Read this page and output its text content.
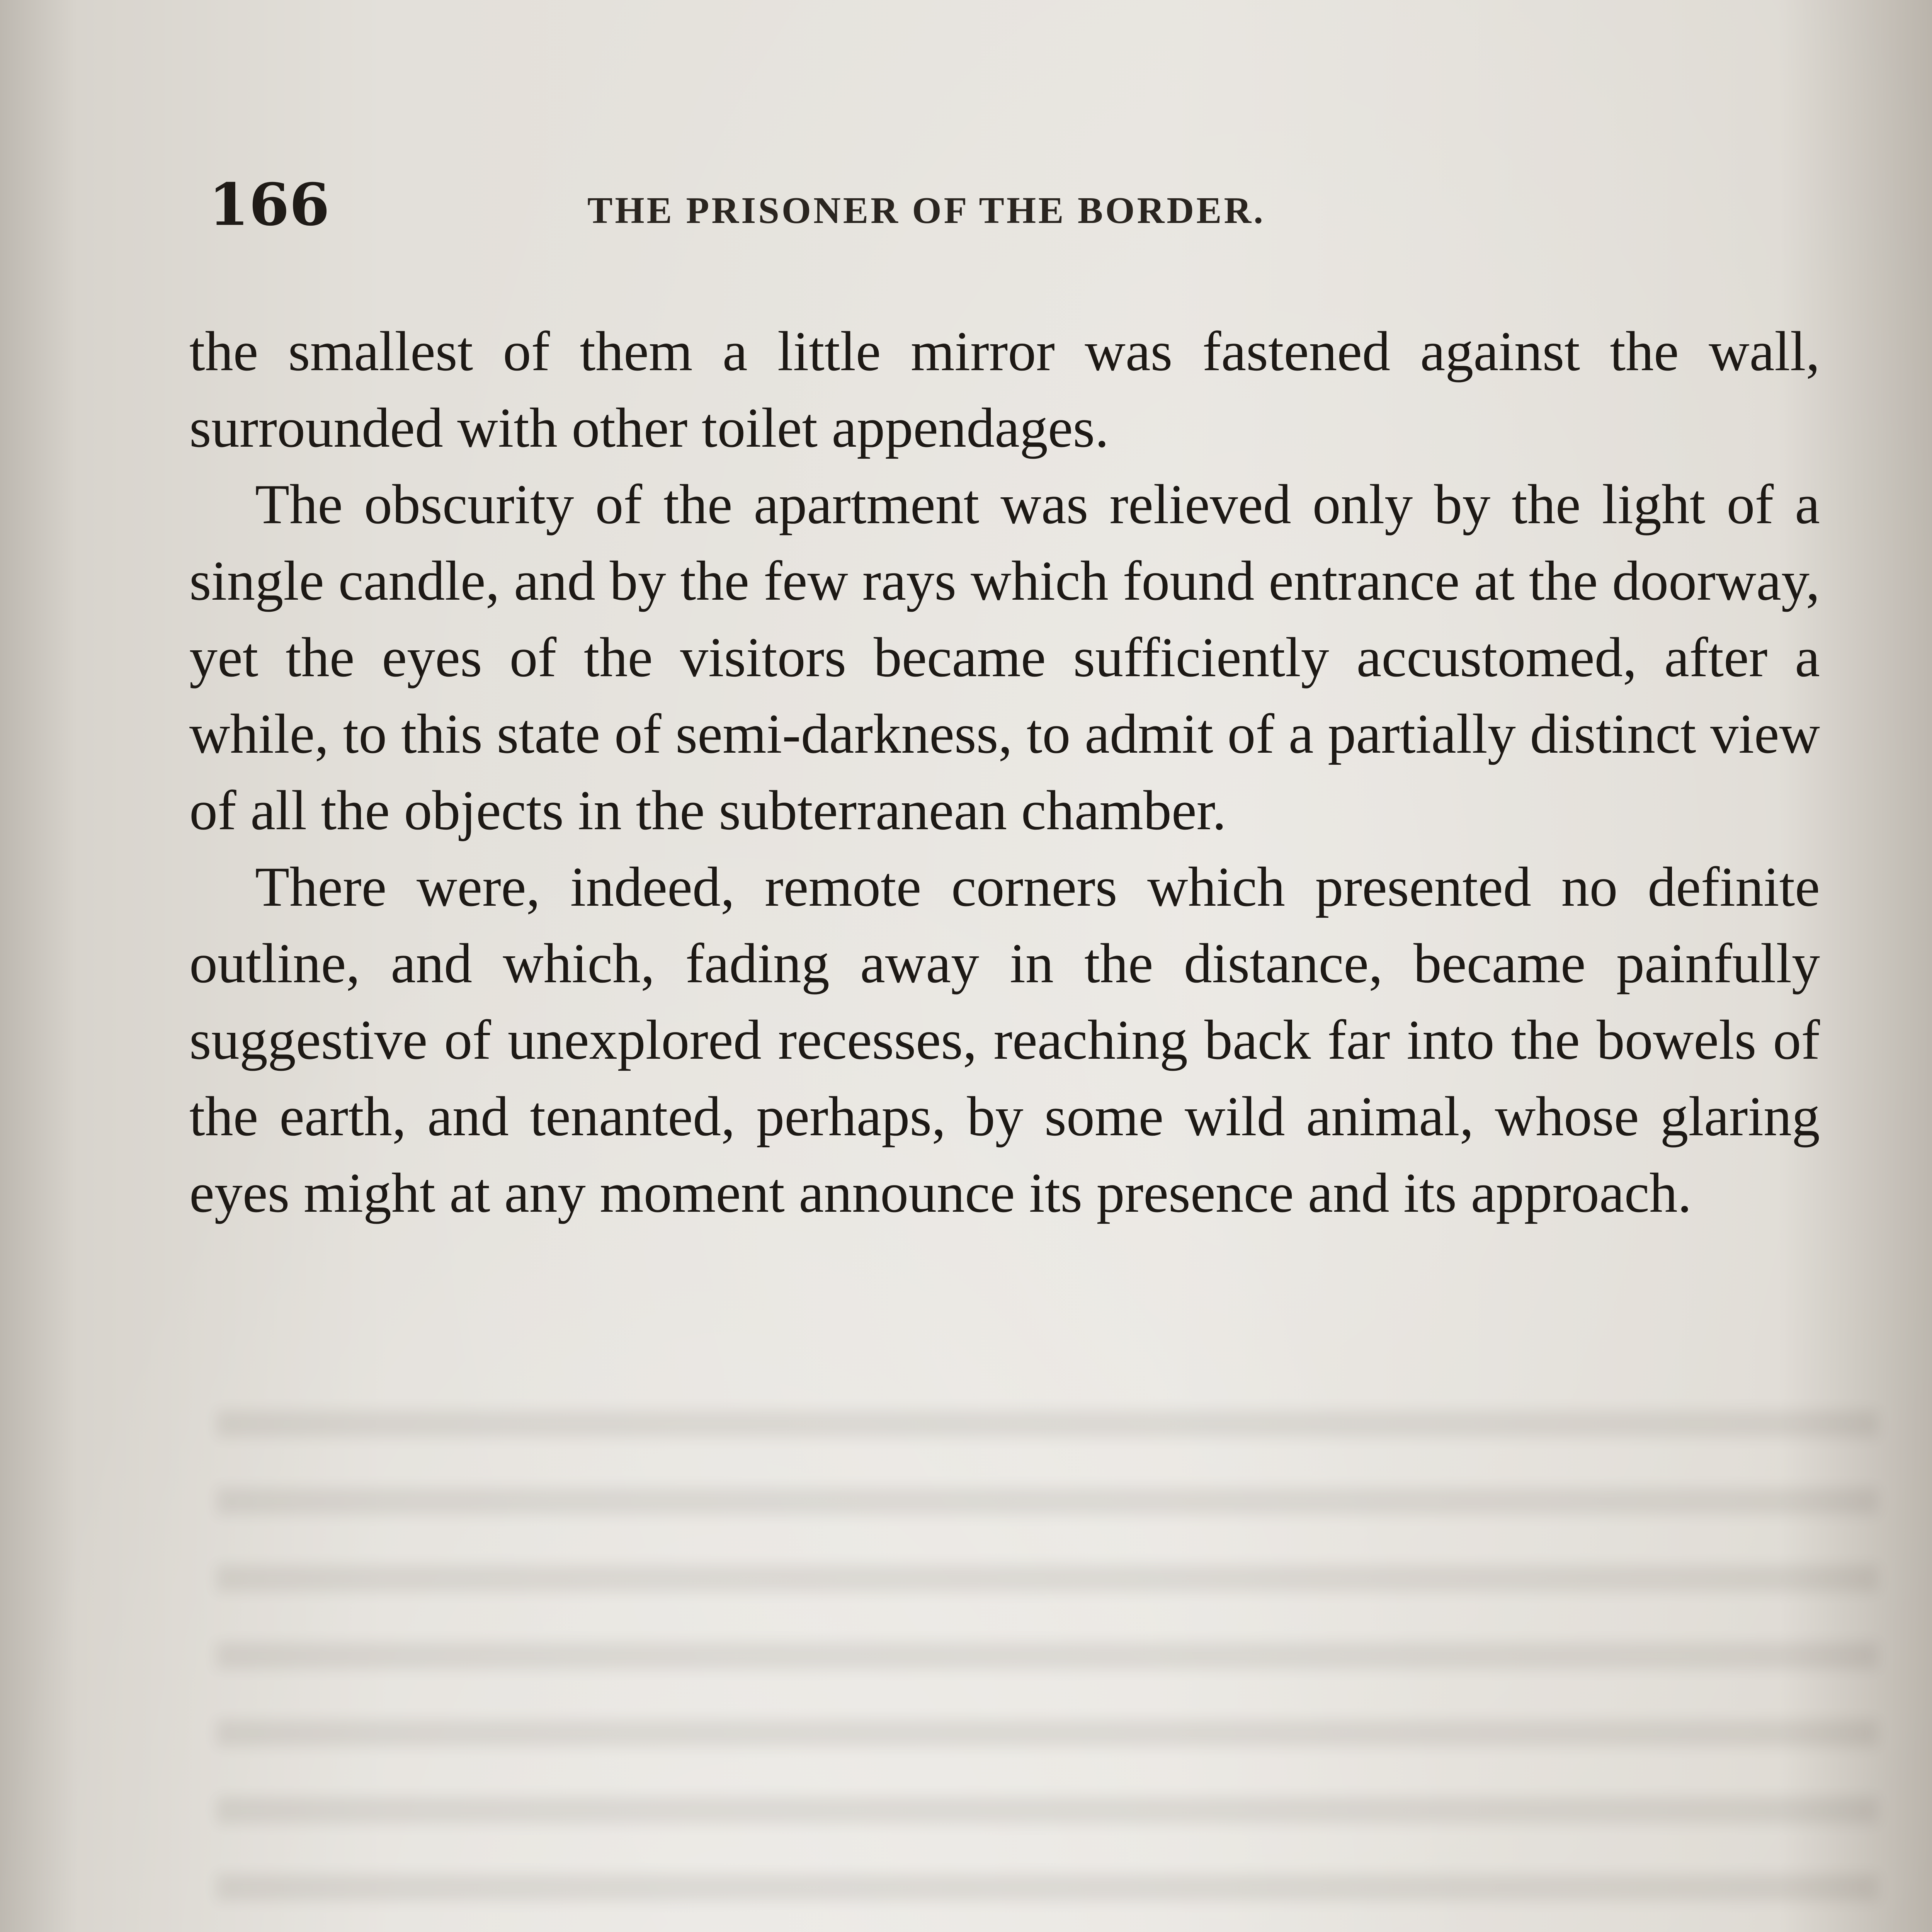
166	THE PRISONER OF THE BORDER.

the smallest of them a little mirror was fastened against the wall, surrounded with other toilet appendages.

The obscurity of the apartment was relieved only by the light of a single candle, and by the few rays which found entrance at the doorway, yet the eyes of the visitors became sufficiently accustomed, after a while, to this state of semi-darkness, to admit of a partially distinct view of all the objects in the subterranean chamber.

There were, indeed, remote corners which presented no definite outline, and which, fading away in the distance, became painfully suggestive of unexplored recesses, reaching back far into the bowels of the earth, and tenanted, perhaps, by some wild animal, whose glaring eyes might at any moment announce its presence and its approach.
